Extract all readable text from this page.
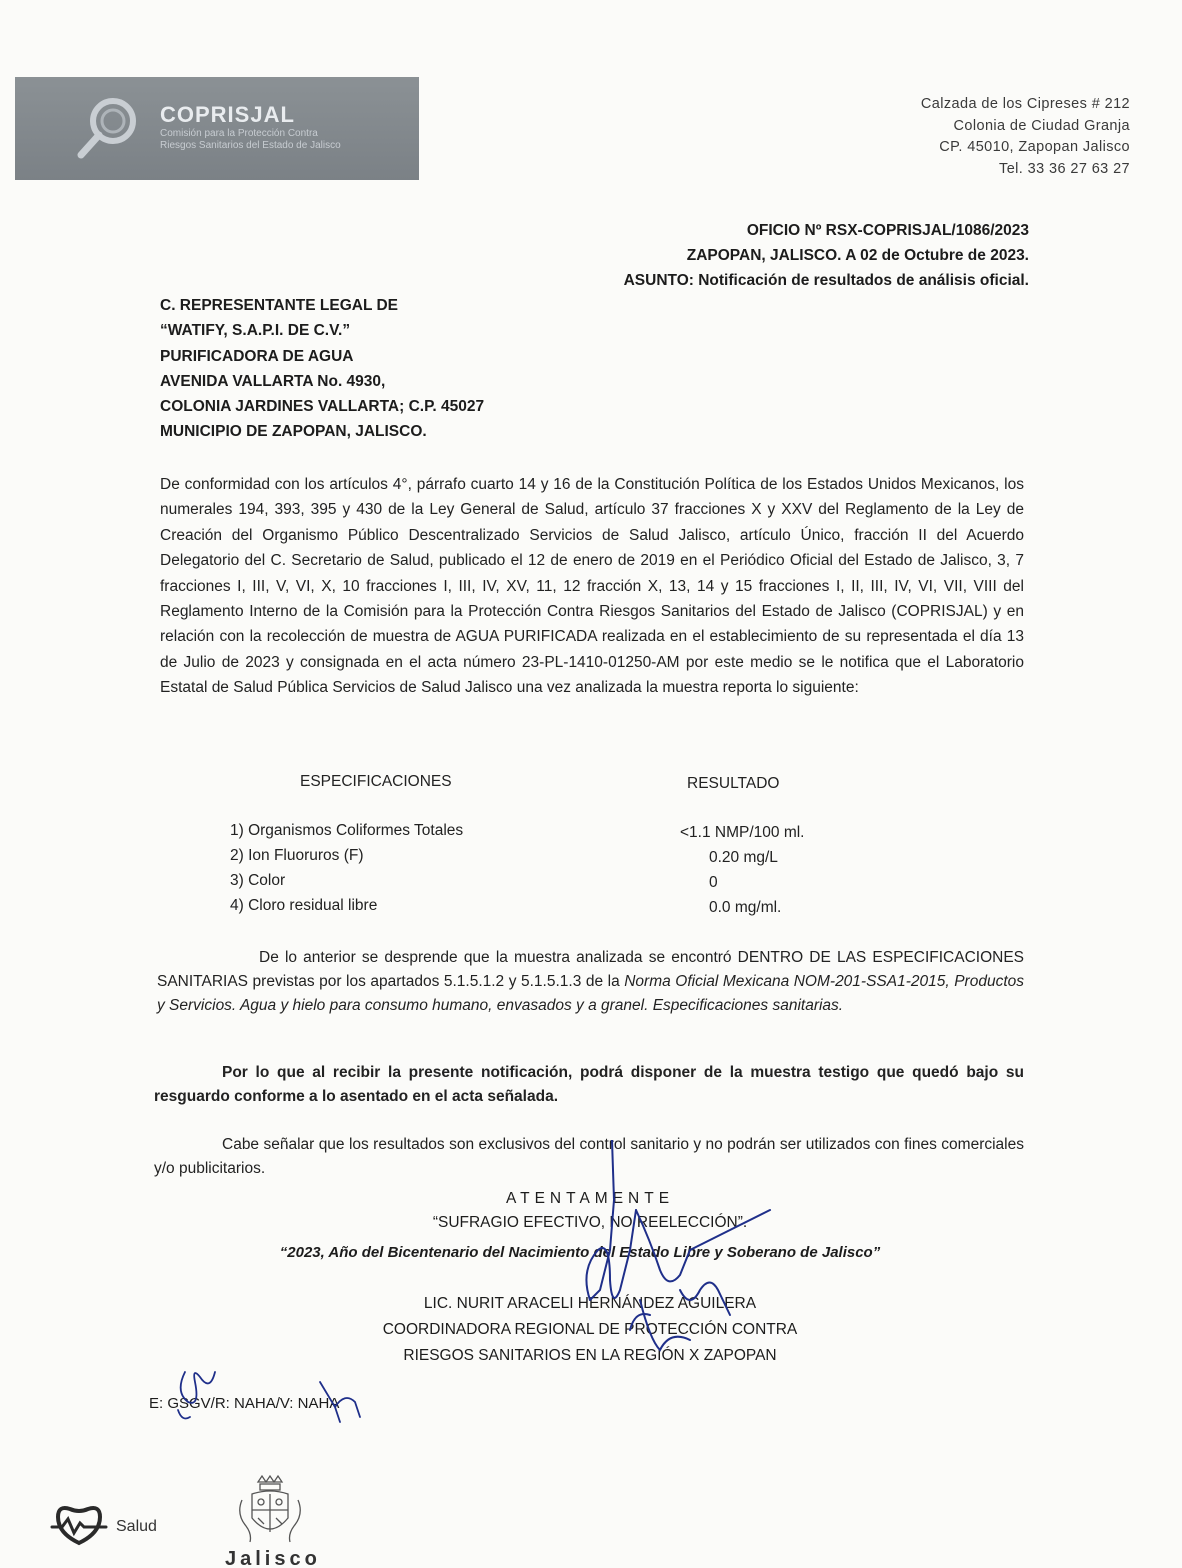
COPRISJAL
Comisión para la Protección Contra
Riesgos Sanitarios del Estado de Jalisco
Calzada de los Cipreses # 212
Colonia de Ciudad Granja
CP. 45010, Zapopan Jalisco
Tel. 33 36 27 63 27
OFICIO Nº RSX-COPRISJAL/1086/2023
ZAPOPAN, JALISCO. A 02 de Octubre de 2023.
ASUNTO: Notificación de resultados de análisis oficial.
C. REPRESENTANTE LEGAL DE
“WATIFY, S.A.P.I. DE C.V.”
PURIFICADORA DE AGUA
AVENIDA VALLARTA No. 4930,
COLONIA JARDINES VALLARTA; C.P. 45027
MUNICIPIO DE ZAPOPAN, JALISCO.
De conformidad con los artículos 4°, párrafo cuarto 14 y 16 de la Constitución Política de los Estados Unidos Mexicanos, los numerales 194, 393, 395 y 430 de la Ley General de Salud, artículo 37 fracciones X y XXV del Reglamento de la Ley de Creación del Organismo Público Descentralizado Servicios de Salud Jalisco, artículo Único, fracción II del Acuerdo Delegatorio del C. Secretario de Salud, publicado el 12 de enero de 2019 en el Periódico Oficial del Estado de Jalisco, 3, 7 fracciones I, III, V, VI, X, 10 fracciones I, III, IV, XV, 11, 12 fracción X, 13, 14 y 15 fracciones I, II, III, IV, VI, VII, VIII del Reglamento Interno de la Comisión para la Protección Contra Riesgos Sanitarios del Estado de Jalisco (COPRISJAL) y en relación con la recolección de muestra de AGUA PURIFICADA realizada en el establecimiento de su representada el día 13 de Julio de 2023 y consignada en el acta número 23-PL-1410-01250-AM por este medio se le notifica que el Laboratorio Estatal de Salud Pública Servicios de Salud Jalisco una vez analizada la muestra reporta lo siguiente:
ESPECIFICACIONES	RESULTADO
1) Organismos Coliformes Totales	<1.1 NMP/100 ml.
2) Ion Fluoruros (F)	0.20 mg/L
3) Color	0
4) Cloro residual libre	0.0 mg/ml.
De lo anterior se desprende que la muestra analizada se encontró DENTRO DE LAS ESPECIFICACIONES SANITARIAS previstas por los apartados 5.1.5.1.2 y 5.1.5.1.3 de la Norma Oficial Mexicana NOM-201-SSA1-2015, Productos y Servicios. Agua y hielo para consumo humano, envasados y a granel. Especificaciones sanitarias.
Por lo que al recibir la presente notificación, podrá disponer de la muestra testigo que quedó bajo su resguardo conforme a lo asentado en el acta señalada.
Cabe señalar que los resultados son exclusivos del control sanitario y no podrán ser utilizados con fines comerciales y/o publicitarios.
ATENTAMENTE
“SUFRAGIO EFECTIVO, NO REELECCIÓN”.
“2023, Año del Bicentenario del Nacimiento del Estado Libre y Soberano de Jalisco”
LIC. NURIT ARACELI HERNÁNDEZ AGUILERA
COORDINADORA REGIONAL DE PROTECCIÓN CONTRA
RIESGOS SANITARIOS EN LA REGIÓN X ZAPOPAN
E: GSGV/R: NAHA/V: NAHA
Salud
Jalisco
